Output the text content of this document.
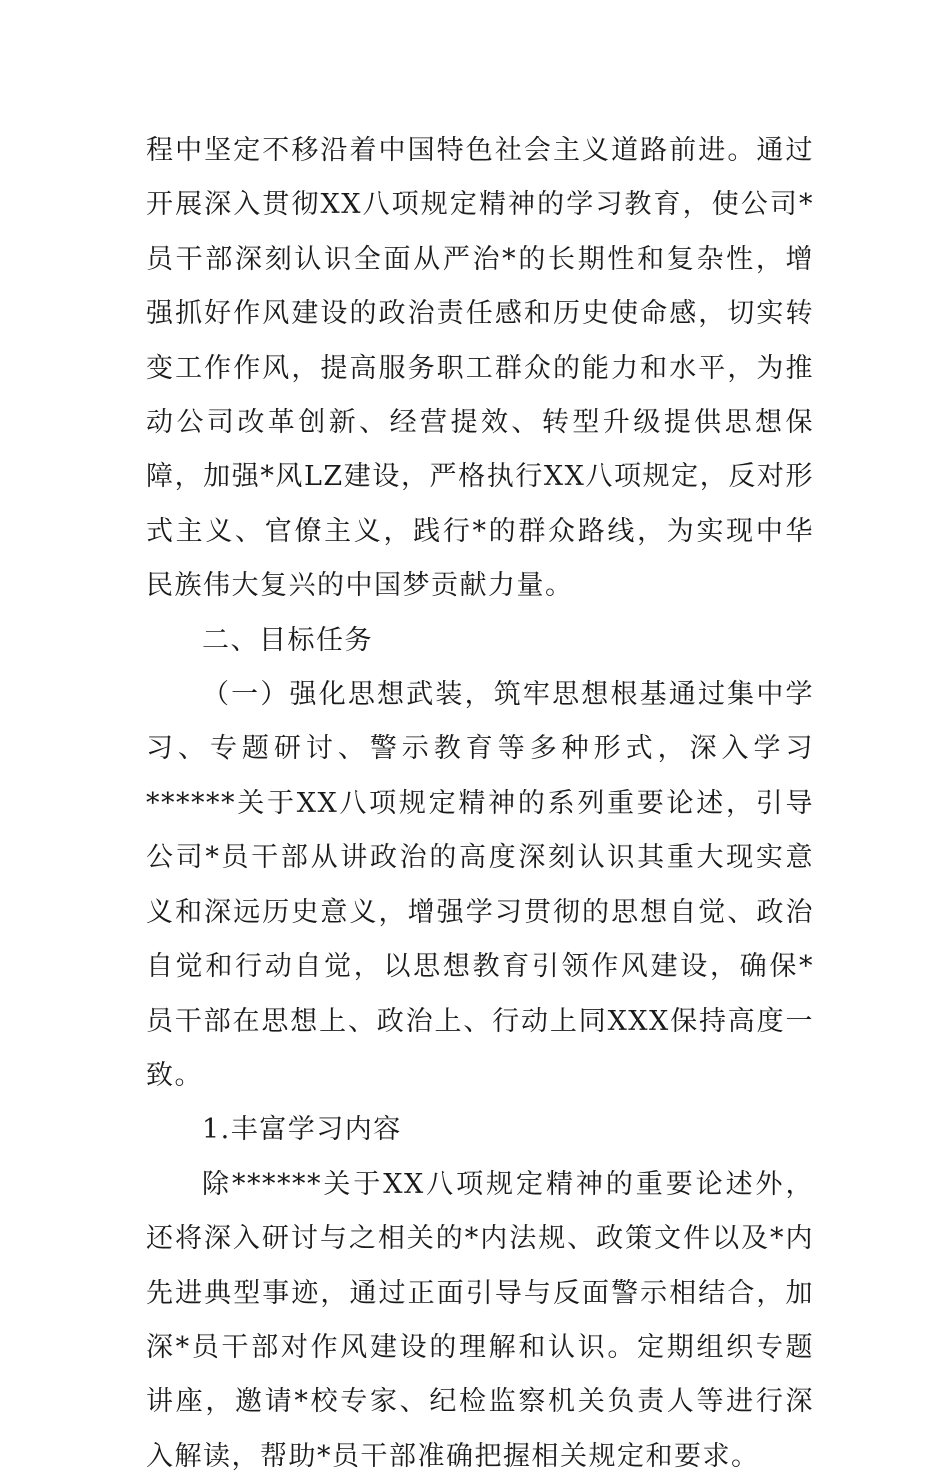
程中坚定不移沿着中国特色社会主义道路前进。通过开展深入贯彻XX八项规定精神的学习教育，使公司*员干部深刻认识全面从严治*的长期性和复杂性，增强抓好作风建设的政治责任感和历史使命感，切实转变工作作风，提高服务职工群众的能力和水平，为推动公司改革创新、经营提效、转型升级提供思想保障，加强*风LZ建设，严格执行XX八项规定，反对形式主义、官僚主义，践行*的群众路线，为实现中华民族伟大复兴的中国梦贡献力量。

二、目标任务

（一）强化思想武装，筑牢思想根基通过集中学习、专题研讨、警示教育等多种形式，深入学习******关于XX八项规定精神的系列重要论述，引导公司*员干部从讲政治的高度深刻认识其重大现实意义和深远历史意义，增强学习贯彻的思想自觉、政治自觉和行动自觉，以思想教育引领作风建设，确保*员干部在思想上、政治上、行动上同XXX保持高度一致。

1.丰富学习内容

除******关于XX八项规定精神的重要论述外，还将深入研讨与之相关的*内法规、政策文件以及*内先进典型事迹，通过正面引导与反面警示相结合，加深*员干部对作风建设的理解和认识。定期组织专题讲座，邀请*校专家、纪检监察机关负责人等进行深入解读，帮助*员干部准确把握相关规定和要求。
